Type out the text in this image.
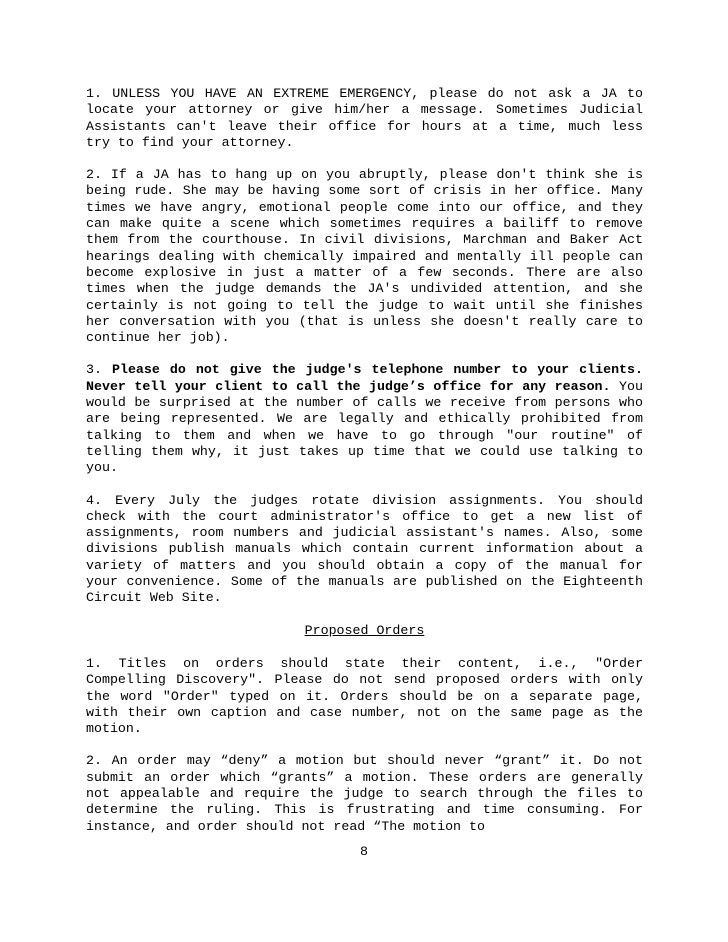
1. UNLESS YOU HAVE AN EXTREME EMERGENCY, please do not ask a JA to locate your attorney or give him/her a message. Sometimes Judicial Assistants can't leave their office for hours at a time, much less try to find your attorney.

2. If a JA has to hang up on you abruptly, please don't think she is being rude. She may be having some sort of crisis in her office. Many times we have angry, emotional people come into our office, and they can make quite a scene which sometimes requires a bailiff to remove them from the courthouse. In civil divisions, Marchman and Baker Act hearings dealing with chemically impaired and mentally ill people can become explosive in just a matter of a few seconds. There are also times when the judge demands the JA's undivided attention, and she certainly is not going to tell the judge to wait until she finishes her conversation with you (that is unless she doesn't really care to continue her job).

3. Please do not give the judge's telephone number to your clients. Never tell your client to call the judge’s office for any reason. You would be surprised at the number of calls we receive from persons who are being represented. We are legally and ethically prohibited from talking to them and when we have to go through "our routine" of telling them why, it just takes up time that we could use talking to you.

4. Every July the judges rotate division assignments. You should check with the court administrator's office to get a new list of assignments, room numbers and judicial assistant's names. Also, some divisions publish manuals which contain current information about a variety of matters and you should obtain a copy of the manual for your convenience. Some of the manuals are published on the Eighteenth Circuit Web Site.

Proposed Orders

1. Titles on orders should state their content, i.e., "Order Compelling Discovery". Please do not send proposed orders with only the word "Order" typed on it. Orders should be on a separate page, with their own caption and case number, not on the same page as the motion.

2. An order may “deny” a motion but should never “grant” it. Do not submit an order which “grants” a motion. These orders are generally not appealable and require the judge to search through the files to determine the ruling. This is frustrating and time consuming. For instance, and order should not read “The motion to

8
